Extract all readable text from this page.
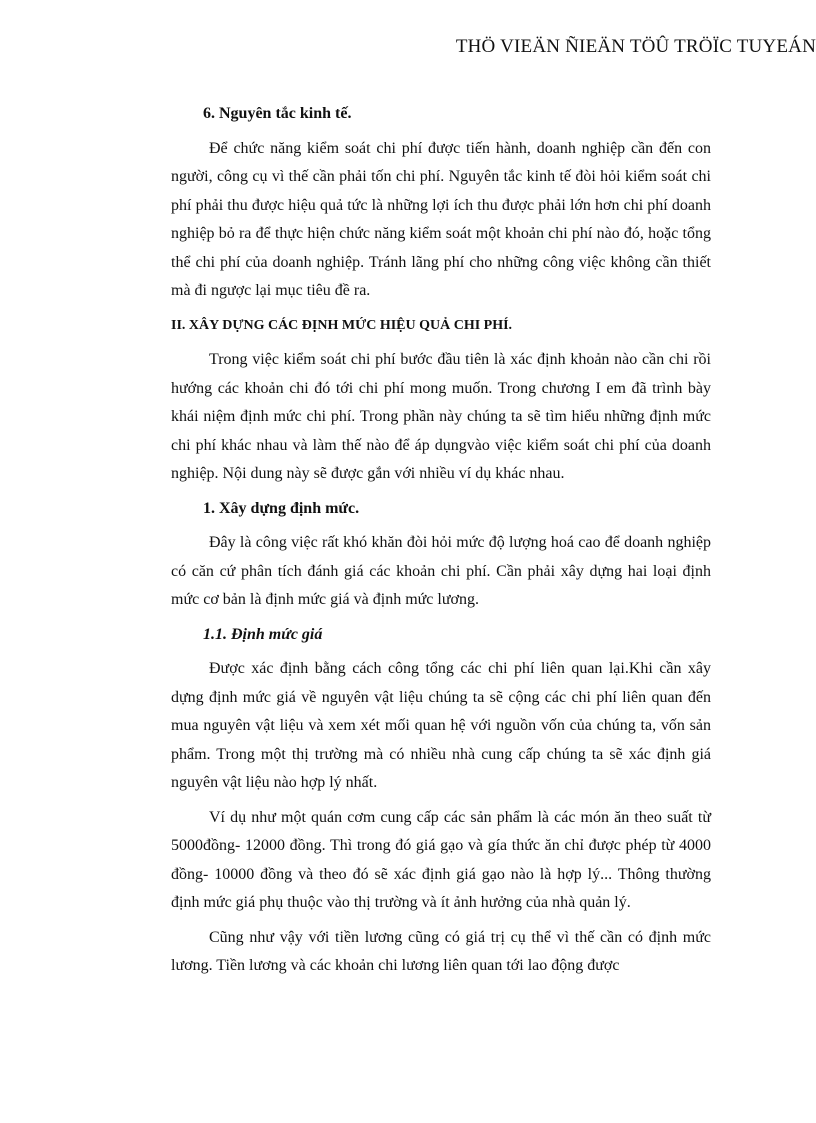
THÖ VIEÄN ÑIEÄN TÖÛ TRÖÏC TUYEÁN

6. Nguyên tắc kinh tế.

Để chức năng kiểm soát chi phí được tiến hành, doanh nghiệp cần đến con người, công cụ vì thế cần phải tốn chi phí. Nguyên tắc kinh tế đòi hỏi kiểm soát chi phí phải thu được hiệu quả tức là những lợi ích thu được phải lớn hơn chi phí doanh nghiệp bỏ ra để thực hiện chức năng kiểm soát một khoản chi phí nào đó, hoặc tổng thể chi phí của doanh nghiệp. Tránh lãng phí cho những công việc không cần thiết mà đi ngược lại mục tiêu đề ra.

II. XÂY DỰNG CÁC ĐỊNH MỨC HIỆU QUẢ CHI PHÍ.

Trong việc kiểm soát chi phí bước đầu tiên là xác định khoản nào cần chi rồi hướng các khoản chi đó tới chi phí mong muốn. Trong chương I em đã trình bày khái niệm định mức chi phí. Trong phần này chúng ta sẽ tìm hiểu những định mức chi phí khác nhau và làm thế nào để áp dụngvào việc kiểm soát chi phí của doanh nghiệp. Nội dung này sẽ được gắn với nhiều ví dụ khác nhau.

1. Xây dựng định mức.

Đây là công việc rất khó khăn đòi hỏi mức độ lượng hoá cao để doanh nghiệp có căn cứ phân tích đánh giá các khoản chi phí. Cần phải xây dựng hai loại định mức cơ bản là định mức giá và định mức lương.

1.1. Định mức giá

Được xác định bằng cách công tổng các chi phí liên quan lại.Khi cần xây dựng định mức giá về nguyên vật liệu chúng ta sẽ cộng các chi phí liên quan đến mua nguyên vật liệu và xem xét mối quan hệ với nguồn vốn của chúng ta, vốn sản phẩm. Trong một thị trường mà có nhiều nhà cung cấp chúng ta sẽ xác định giá nguyên vật liệu nào hợp lý nhất.

Ví dụ như một quán cơm cung cấp các sản phẩm là các món ăn theo suất từ 5000đồng- 12000 đồng. Thì trong đó giá gạo và gía thức ăn chỉ được phép từ 4000 đồng- 10000 đồng và theo đó sẽ xác định giá gạo nào là hợp lý... Thông thường định mức giá phụ thuộc vào thị trường và ít ảnh hưởng của nhà quản lý.

Cũng như vậy với tiền lương cũng có giá trị cụ thể vì thế cần có định mức lương. Tiền lương và các khoản chi lương liên quan tới lao động được
